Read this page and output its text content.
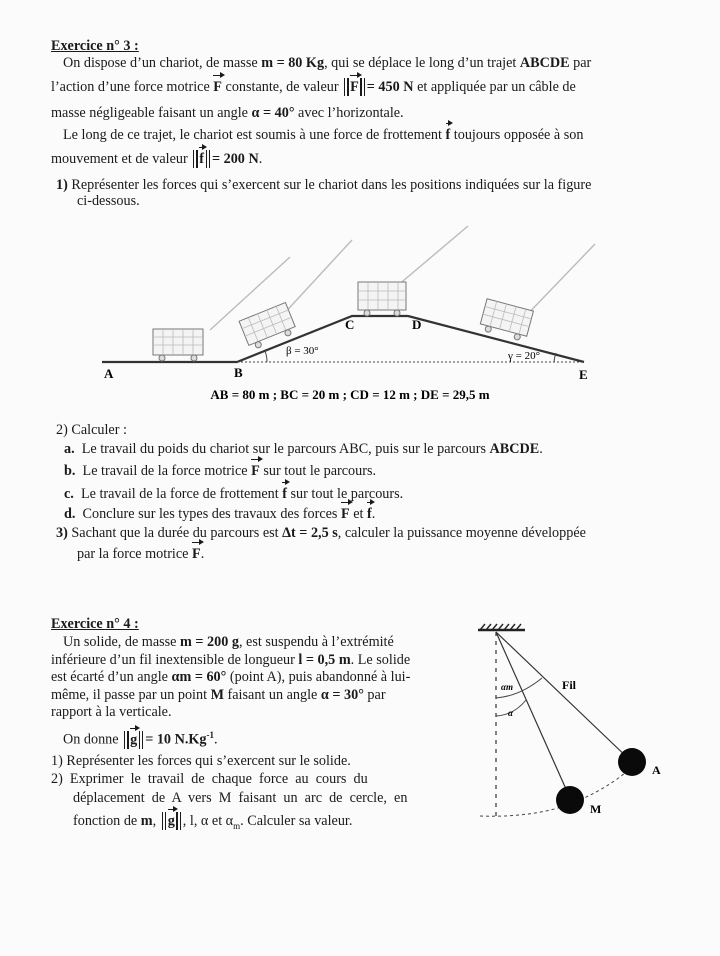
Exercice n° 3 :
On dispose d’un chariot, de masse m = 80 Kg, qui se déplace le long d’un trajet ABCDE par
l’action d’une force motrice F constante, de valeur F = 450 N et appliquée par un câble de
masse négligeable faisant un angle α = 40° avec l’horizontale.
Le long de ce trajet, le chariot est soumis à une force de frottement f toujours opposée à son
mouvement et de valeur f = 200 N.
1) Représenter les forces qui s’exercent sur le chariot dans les positions indiquées sur la figure
ci-dessous.
A	B
C	D
E
β = 30°	γ = 20°
AB = 80 m ; BC = 20 m ; CD = 12 m ; DE = 29,5 m
2) Calculer :
a. Le travail du poids du chariot sur le parcours ABC, puis sur le parcours ABCDE.
b. Le travail de la force motrice F sur tout le parcours.
c. Le travail de la force de frottement f sur tout le parcours.
d. Conclure sur les types des travaux des forces F et f.
3) Sachant que la durée du parcours est Δt = 2,5 s, calculer la puissance moyenne développée
par la force motrice F.
Exercice n° 4 :
Un solide, de masse m = 200 g, est suspendu à l’extrémité
inférieure d’un fil inextensible de longueur l = 0,5 m. Le solide
est écarté d’un angle αm = 60° (point A), puis abandonné à lui-
même, il passe par un point M faisant un angle α = 30° par
rapport à la verticale.
On donne g = 10 $N.Kg^{-1}$.
1) Représenter les forces qui s’exercent sur le solide.
2)  Exprimer  le  travail  de  chaque  force  au  cours  du
déplacement  de  A  vers  M  faisant  un  arc  de  cercle,  en
fonction de m, g , l, α et $\alpha_m$. Calculer sa valeur.
Fil
A
M
αm
α
